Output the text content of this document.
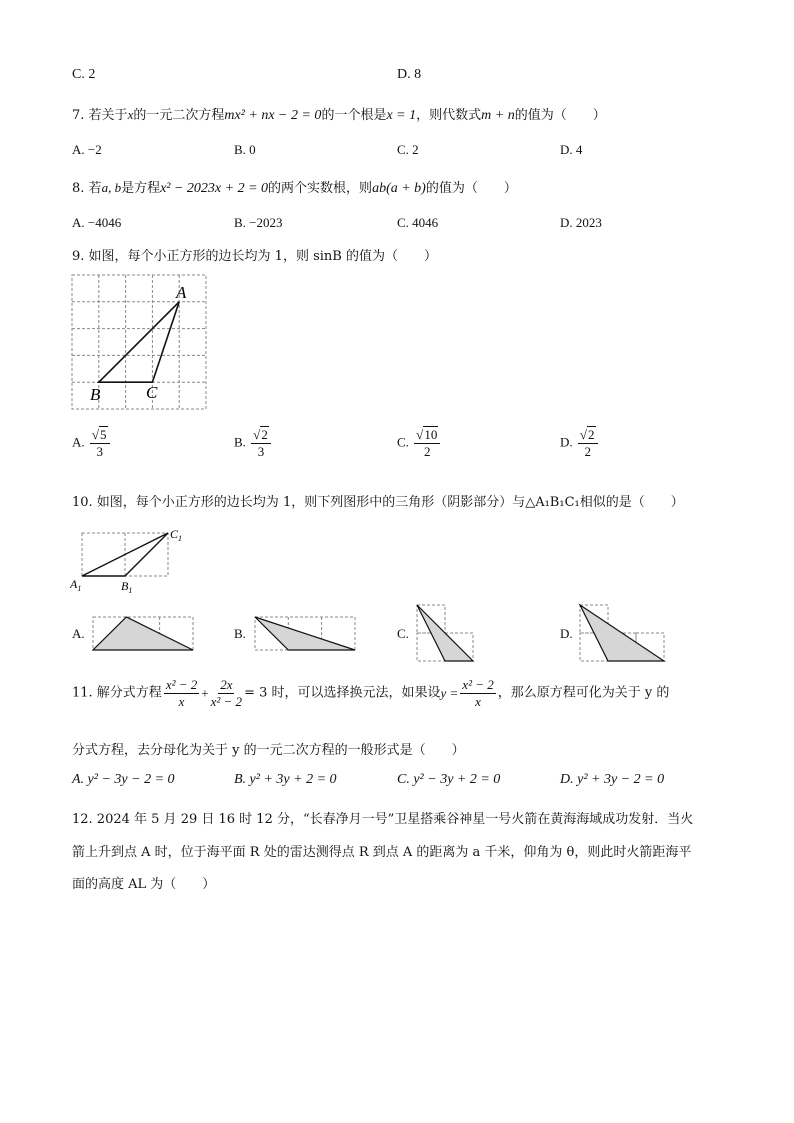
C. 2	D. 8
7. 若关于x的一元二次方程mx² + nx − 2 = 0的一个根是x = 1，则代数式m + n的值为（　　）
A. −2	B. 0	C. 2	D. 4
8. 若a, b是方程x² − 2023x + 2 = 0的两个实数根，则ab(a + b)的值为（　　）
A. −4046	B. −2023	C. 4046	D. 2023
9. 如图，每个小正方形的边长均为 1，则 sinB 的值为（　　）
A
B	C
A. $\frac{√5}{3}$	B. $\frac{√2}{3}$	C. $\frac{√10}{2}$	D. $\frac{√2}{2}$
10. 如图，每个小正方形的边长均为 1，则下列图形中的三角形（阴影部分）与△A₁B₁C₁相似的是（　　）
$C_1$
$A_1$	$B_1$
A.	B.	C.	D.
11. 解分式方程 $\frac{\text{x² − 2}}{x} + \frac{2x}{\text{x² − 2}} = 3$ 时，可以选择换元法，如果设$y = \frac{\text{x² − 2}}{x}$ ，那么原方程可化为关于 y 的
分式方程，去分母化为关于 y 的一元二次方程的一般形式是（　　）
A. y² − 3y − 2 = 0	B. y² + 3y + 2 = 0	C. y² − 3y + 2 = 0	D. y² + 3y − 2 = 0
12. 2024 年 5 月 29 日 16 时 12 分，“长春净月一号”卫星搭乘谷神星一号火箭在黄海海域成功发射．当火
箭上升到点 A 时，位于海平面 R 处的雷达测得点 R 到点 A 的距离为 a 千米，仰角为 θ，则此时火箭距海平
面的高度 AL 为（　　）
